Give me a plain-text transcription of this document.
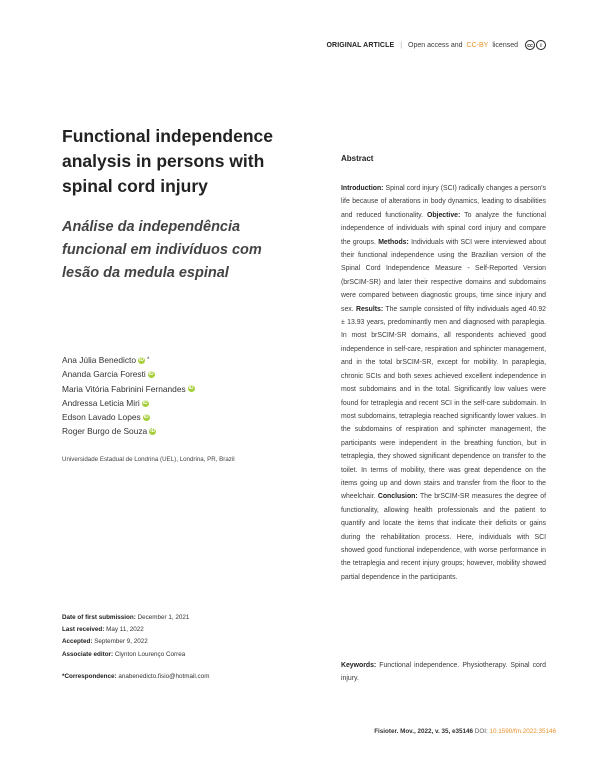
ORIGINAL ARTICLE | Open access and CC-BY licensed	cc	i
Functional independence analysis in persons with spinal cord injury
Análise da independência funcional em indivíduos com lesão da medula espinal
Ana Júlia Benedicto iD *
Ananda Garcia Foresti iD
Maria Vitória Fabrinini Fernandes iD
Andressa Leticia Miri iD
Edson Lavado Lopes iD
Roger Burgo de Souza iD
Universidade Estadual de Londrina (UEL), Londrina, PR, Brazil
Date of first submission: December 1, 2021
Last received: May 11, 2022
Accepted: September 9, 2022
Associate editor: Clynton Lourenço Correa
*Correspondence: anabenedicto.fisio@hotmail.com
Abstract

Introduction: Spinal cord injury (SCI) radically changes a person's life because of alterations in body dynamics, leading to disabilities and reduced functionality. Objective: To analyze the functional independence of individuals with spinal cord injury and compare the groups. Methods: Individuals with SCI were interviewed about their functional independence using the Brazilian version of the Spinal Cord Independence Measure - Self-Reported Version (brSCIM-SR) and later their respective domains and subdomains were compared between diagnostic groups, time since injury and sex. Results: The sample consisted of fifty individuals aged 40.92 ± 13.93 years, predominantly men and diagnosed with paraplegia. In most brSCIM-SR domains, all respondents achieved good independence in self-care, respiration and sphincter management, and in the total brSCIM-SR, except for mobility. In paraplegia, chronic SCIs and both sexes achieved excellent independence in most subdomains and in the total. Significantly low values were found for tetraplegia and recent SCI in the self-care subdomain. In most subdomains, tetraplegia reached significantly lower values. In the subdomains of respiration and sphincter management, the participants were independent in the breathing function, but in tetraplegia, they showed significant dependence on transfer to the toilet. In terms of mobility, there was great dependence on the items going up and down stairs and transfer from the floor to the wheelchair. Conclusion: The brSCIM-SR measures the degree of functionality, allowing health professionals and the patient to quantify and locate the items that indicate their deficits or gains during the rehabilitation process. Here, individuals with SCI showed good functional independence, with worse performance in the tetraplegia and recent injury groups; however, mobility showed partial dependence in the participants.

Keywords: Functional independence. Physiotherapy. Spinal cord injury.

Fisioter. Mov., 2022, v. 35, e35146 DOI: 10.1590/fm.2022.35146
